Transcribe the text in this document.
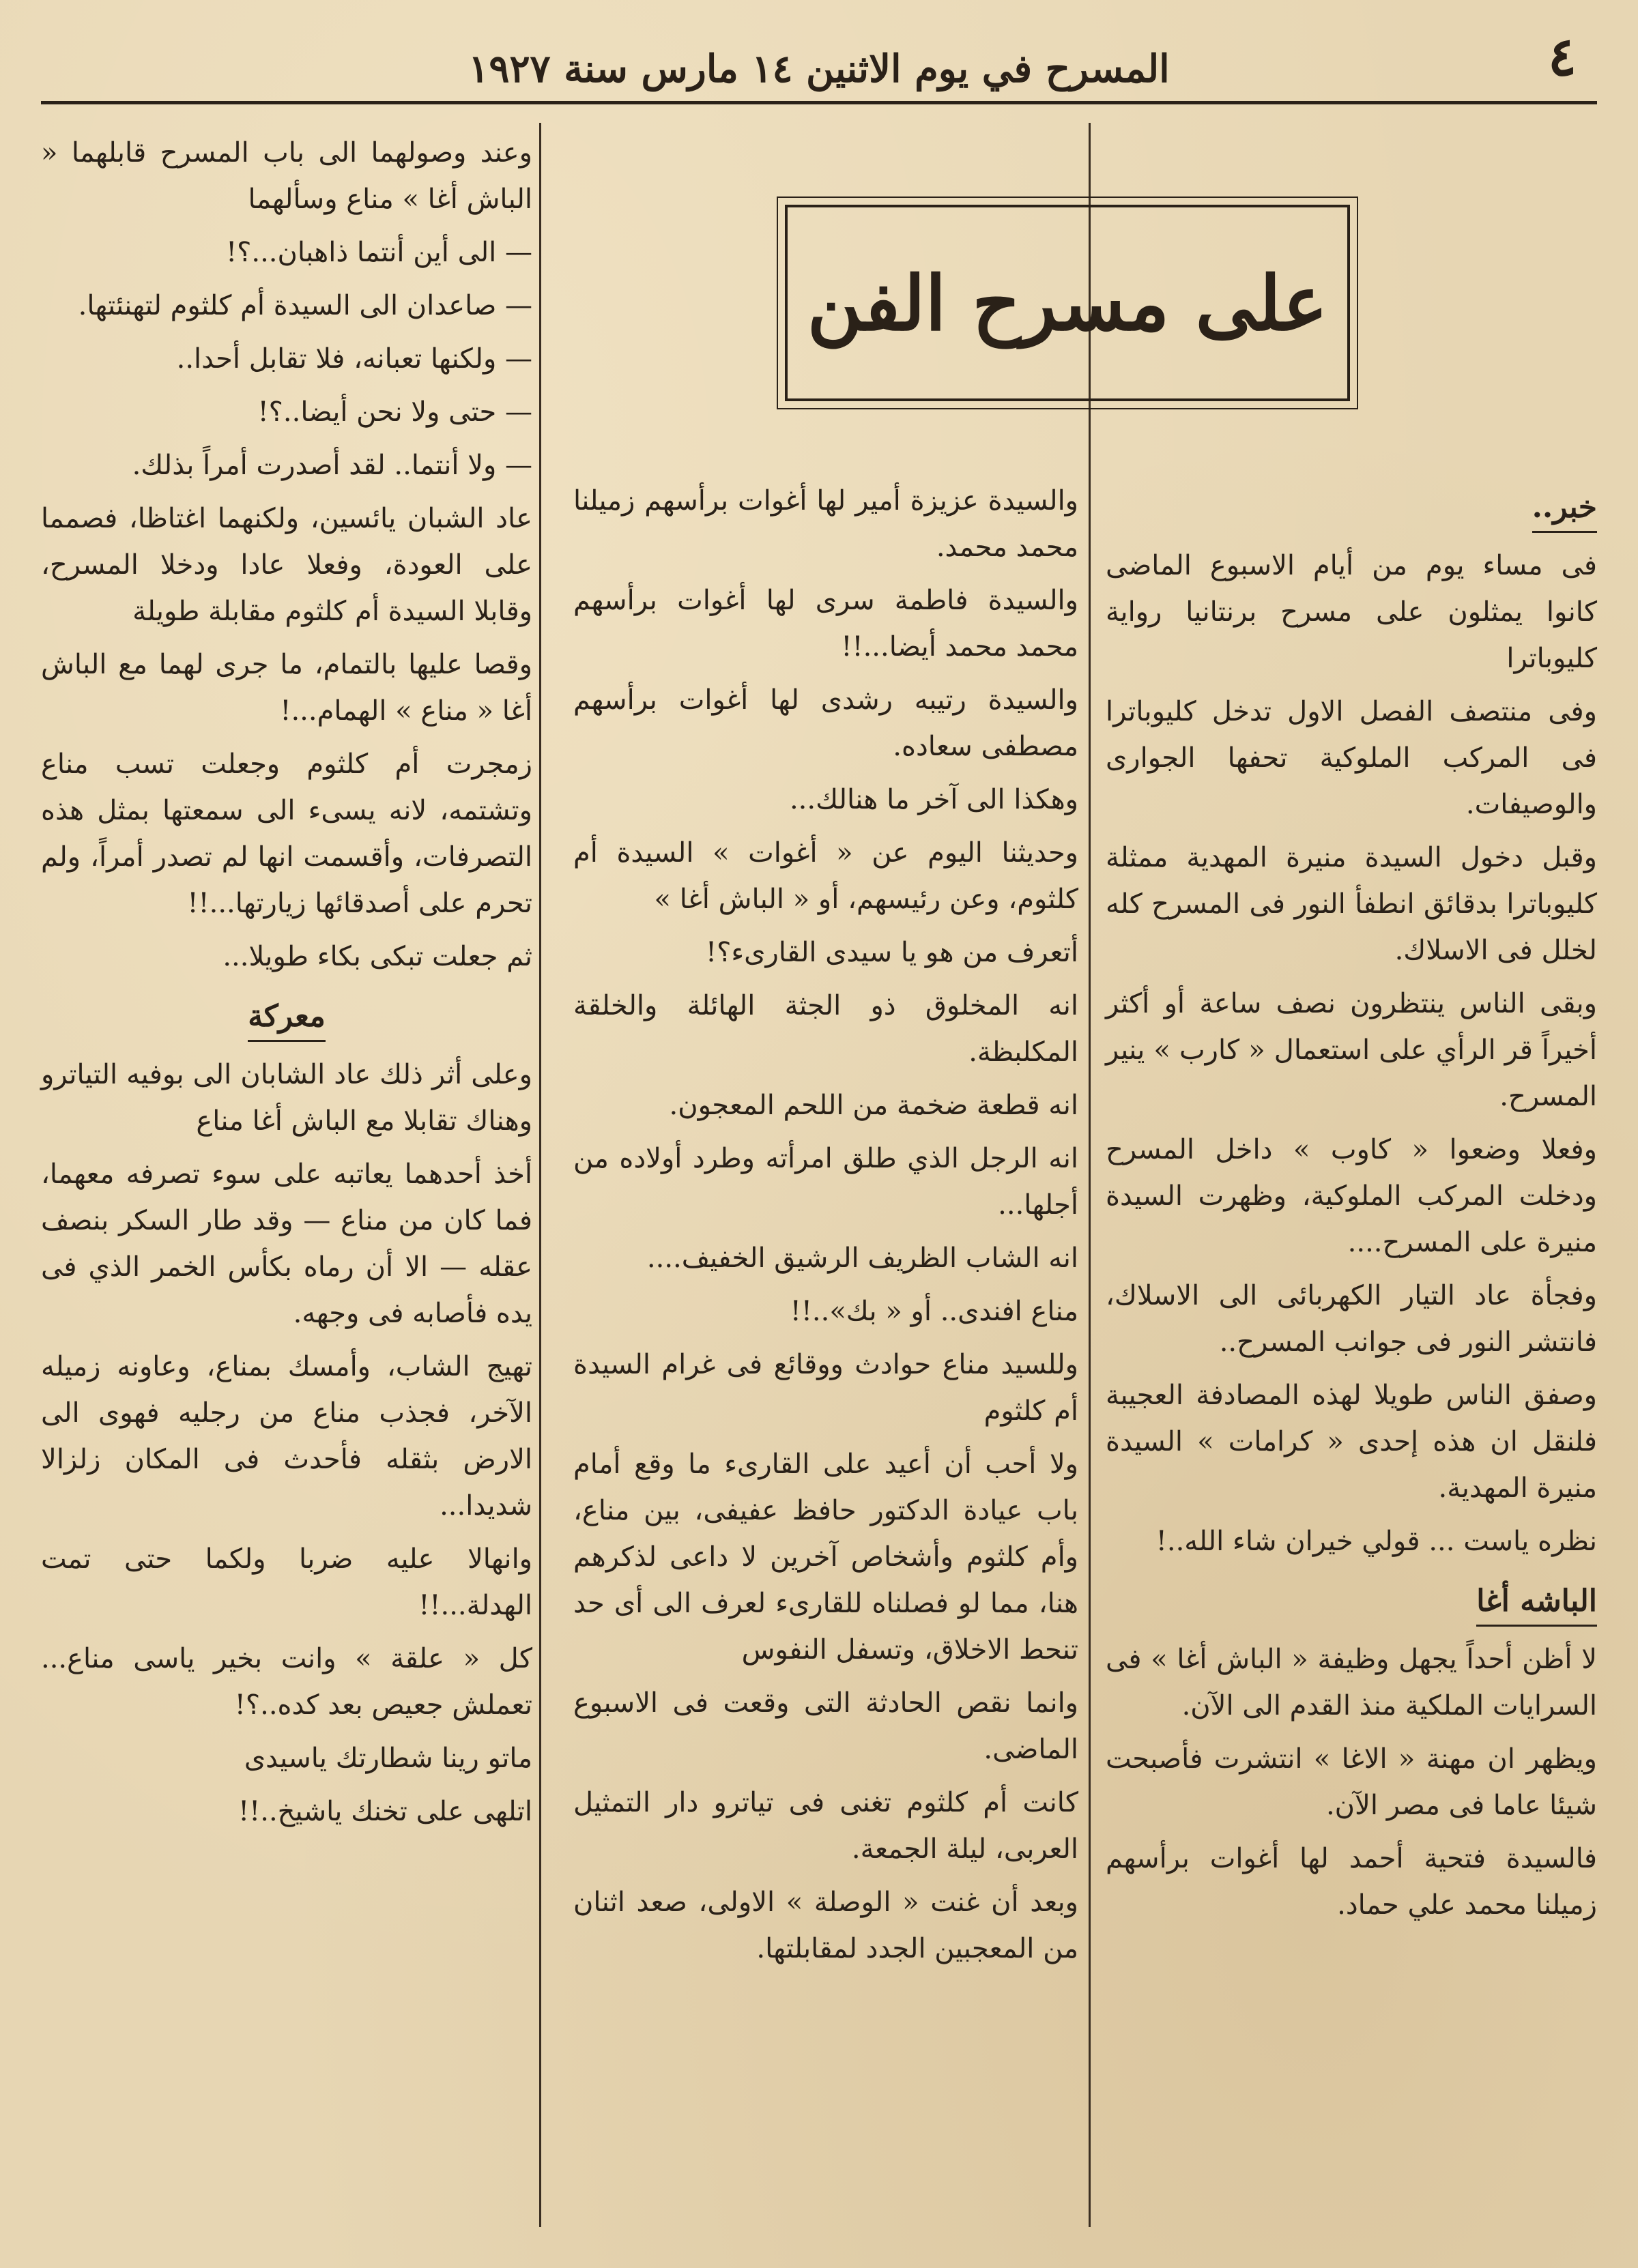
٤
المسرح في يوم الاثنين ١٤ مارس سنة ١٩٢٧
على مسرح الفن
خبر..

فى مساء يوم من أيام الاسبوع الماضى كانوا يمثلون على مسرح برنتانيا رواية كليوباترا

وفى منتصف الفصل الاول تدخل كليوباترا فى المركب الملوكية تحفها الجوارى والوصيفات.

وقبل دخول السيدة منيرة المهدية ممثلة كليوباترا بدقائق انطفأ النور فى المسرح كله لخلل فى الاسلاك.

وبقى الناس ينتظرون نصف ساعة أو أكثر أخيراً قر الرأي على استعمال « كارب » ينير المسرح.

وفعلا وضعوا « كاوب » داخل المسرح ودخلت المركب الملوكية، وظهرت السيدة منيرة على المسرح....

وفجأة عاد التيار الكهربائى الى الاسلاك، فانتشر النور فى جوانب المسرح..

وصفق الناس طويلا لهذه المصادفة العجيبة فلنقل ان هذه إحدى « كرامات » السيدة منيرة المهدية.

نظره ياست ... قولي خيران شاء الله..!

الباشه أغا

لا أظن أحداً يجهل وظيفة « الباش أغا » فى السرايات الملكية منذ القدم الى الآن.

ويظهر ان مهنة « الاغا » انتشرت فأصبحت شيئا عاما فى مصر الآن.

فالسيدة فتحية أحمد لها أغوات برأسهم زميلنا محمد علي حماد.

والسيدة عزيزة أمير لها أغوات برأسهم زميلنا محمد محمد.

والسيدة فاطمة سرى لها أغوات برأسهم محمد محمد أيضا...!!

والسيدة رتيبه رشدى لها أغوات برأسهم مصطفى سعاده.

وهكذا الى آخر ما هنالك...

وحديثنا اليوم عن « أغوات » السيدة أم كلثوم، وعن رئيسهم، أو « الباش أغا »

أتعرف من هو يا سيدى القارىء؟!

انه المخلوق ذو الجثة الهائلة والخلقة المكلبظة.

انه قطعة ضخمة من اللحم المعجون.

انه الرجل الذي طلق امرأته وطرد أولاده من أجلها...

انه الشاب الظريف الرشيق الخفيف....

مناع افندى.. أو « بك»..!!

وللسيد مناع حوادث ووقائع فى غرام السيدة أم كلثوم

ولا أحب أن أعيد على القارىء ما وقع أمام باب عيادة الدكتور حافظ عفيفى، بين مناع، وأم كلثوم وأشخاص آخرين لا داعى لذكرهم هنا، مما لو فصلناه للقارىء لعرف الى أى حد تنحط الاخلاق، وتسفل النفوس

وانما نقص الحادثة التى وقعت فى الاسبوع الماضى.

كانت أم كلثوم تغنى فى تياترو دار التمثيل العربى، ليلة الجمعة.

وبعد أن غنت « الوصلة » الاولى، صعد اثنان من المعجبين الجدد لمقابلتها.

وعند وصولهما الى باب المسرح قابلهما « الباش أغا » مناع وسألهما

— الى أين أنتما ذاهبان...؟!

— صاعدان الى السيدة أم كلثوم لتهنئتها.

— ولكنها تعبانه، فلا تقابل أحدا..

— حتى ولا نحن أيضا..؟!

— ولا أنتما.. لقد أصدرت أمراً بذلك.

عاد الشبان يائسين، ولكنهما اغتاظا، فصمما على العودة، وفعلا عادا ودخلا المسرح، وقابلا السيدة أم كلثوم مقابلة طويلة

وقصا عليها بالتمام، ما جرى لهما مع الباش أغا « مناع » الهمام...!

زمجرت أم كلثوم وجعلت تسب مناع وتشتمه، لانه يسىء الى سمعتها بمثل هذه التصرفات، وأقسمت انها لم تصدر أمراً، ولم تحرم على أصدقائها زيارتها...!!

ثم جعلت تبكى بكاء طويلا...

معركة

وعلى أثر ذلك عاد الشابان الى بوفيه التياترو وهناك تقابلا مع الباش أغا مناع

أخذ أحدهما يعاتبه على سوء تصرفه معهما، فما كان من مناع — وقد طار السكر بنصف عقله — الا أن رماه بكأس الخمر الذي فى يده فأصابه فى وجهه.

تهيج الشاب، وأمسك بمناع، وعاونه زميله الآخر، فجذب مناع من رجليه فهوى الى الارض بثقله فأحدث فى المكان زلزالا شديدا...

وانهالا عليه ضربا ولكما حتى تمت الهدلة...!!

كل « علقة » وانت بخير ياسى مناع... تعملش جعيص بعد كده..؟!

ماتو رينا شطارتك ياسيدى

اتلهى على تخنك ياشيخ..!!
